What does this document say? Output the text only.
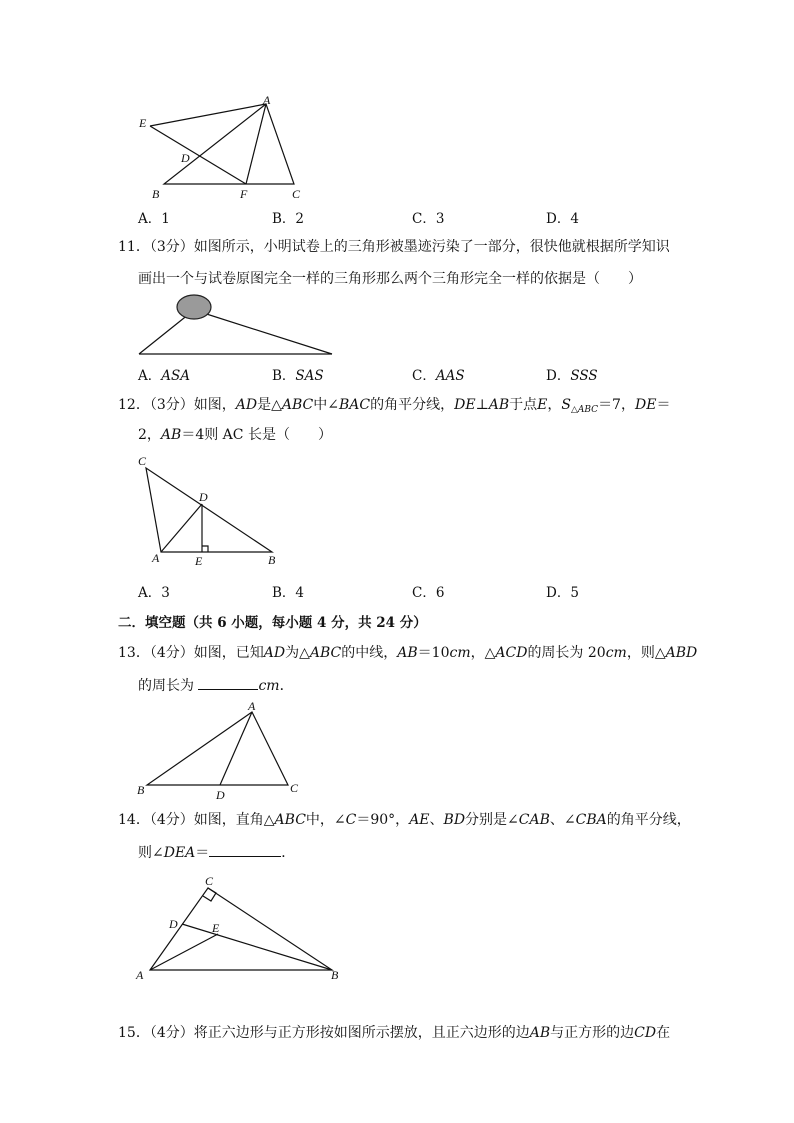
A
E
D
B	F	C
A．1	B．2	C．3	D．4
11．（3分）如图所示，小明试卷上的三角形被墨迹污染了一部分，很快他就根据所学知识
画出一个与试卷原图完全一样的三角形那么两个三角形完全一样的依据是（　　）
A．ASA	B．SAS	C．AAS	D．SSS
12．（3分）如图，AD是△ABC中∠BAC的角平分线，DE⊥AB于点E，$S_{\triangle ABC}=7$，DE＝
2，AB＝4则 AC 长是（　　）
C
D
A	E	B
A．3	B．4	C．6	D．5
二．填空题（共 6 小题，每小题 4 分，共 24 分）
13．（4分）如图，已知AD为△ABC的中线，AB＝10cm，△ACD的周长为 20cm，则△ABD
的周长为	cm．
A
B	D	C
14．（4分）如图，直角△ABC中，∠C＝90°，AE、BD分别是∠CAB、∠CBA的角平分线，
则∠DEA＝	．
C
D	E
A	B
15．（4分）将正六边形与正方形按如图所示摆放，且正六边形的边AB与正方形的边CD在
